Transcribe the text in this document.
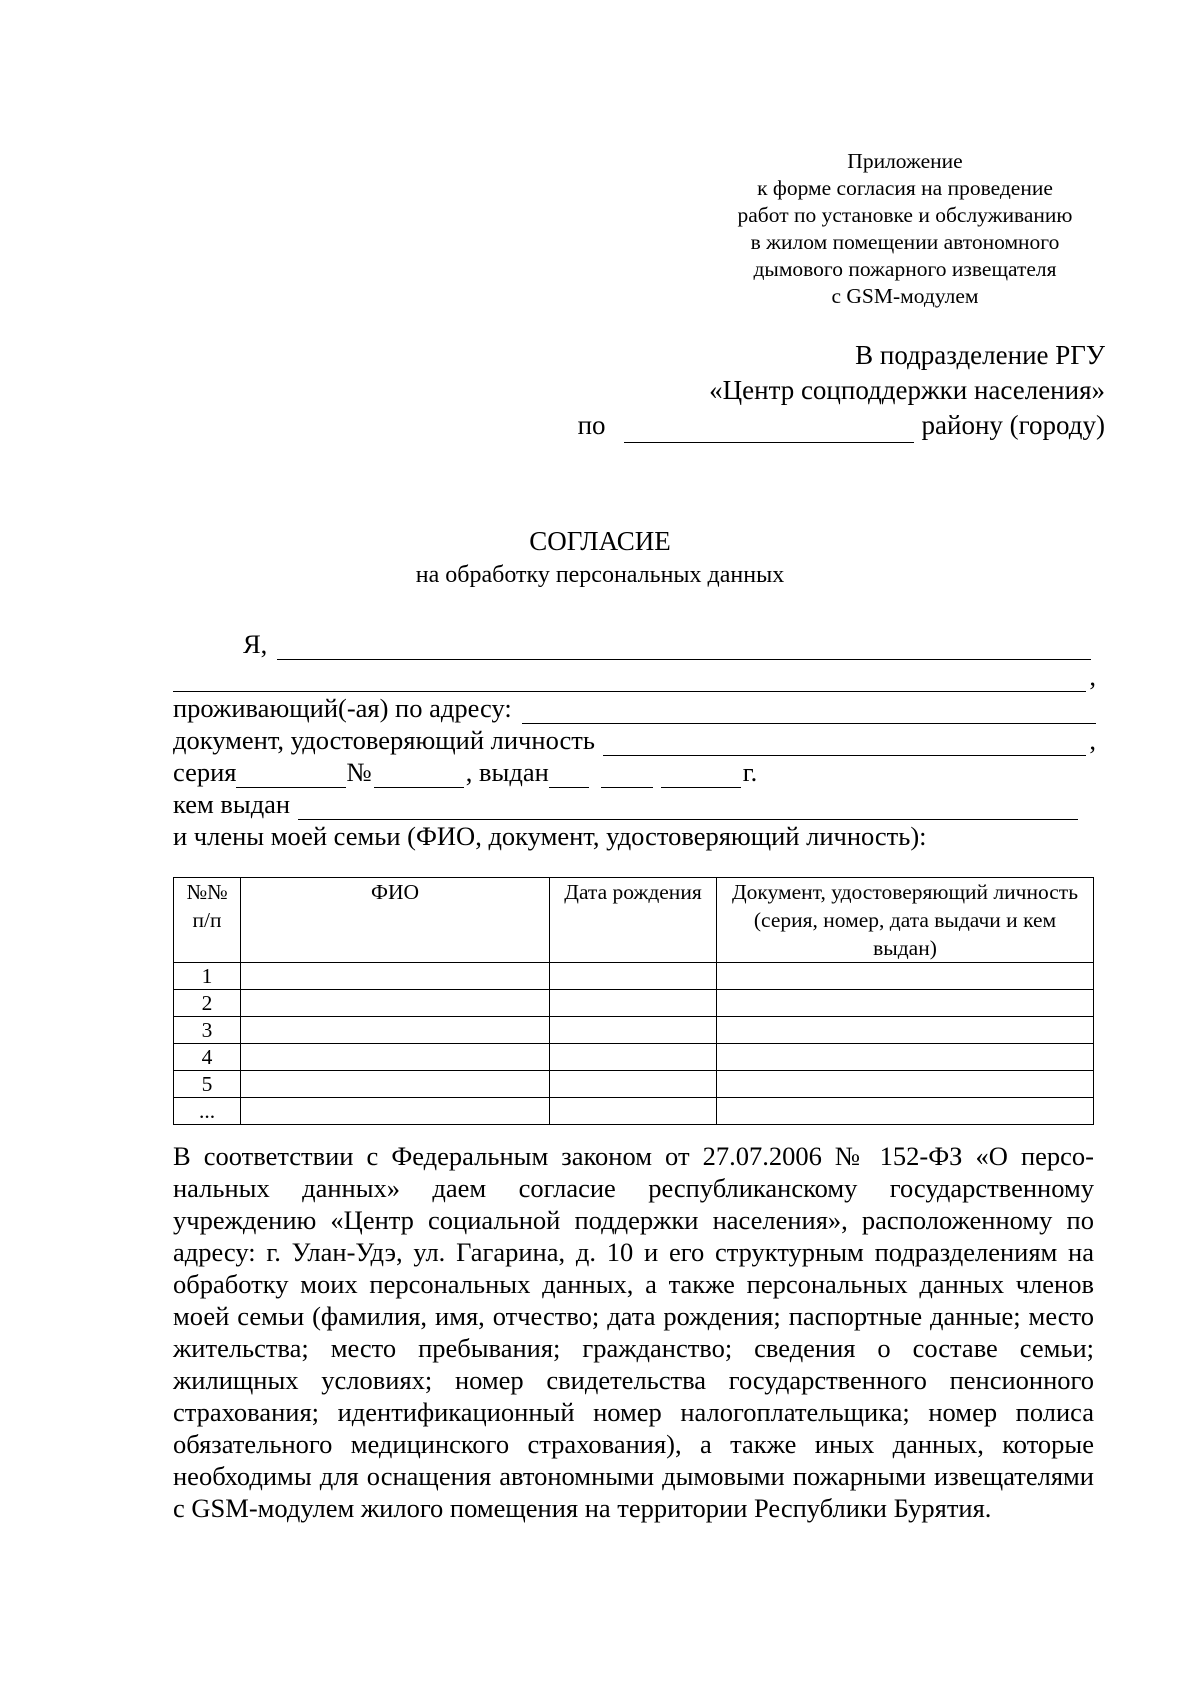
Приложение
к форме согласия на проведение
работ по установке и обслуживанию
в жилом помещении автономного
дымового пожарного извещателя
с GSM-модулем
В подразделение РГУ
«Центр соцподдержки населения»
по	району (городу)
СОГЛАСИЕ
на обработку персональных данных
Я,
,
проживающий(-ая) по адресу:
документ, удостоверяющий личность	,
серия	№	, выдан	г.
кем выдан
и члены моей семьи (ФИО, документ, удостоверяющий личность):
№№ п/п	ФИО	Дата рождения	Документ, удостоверяющий личность (серия, номер, дата выдачи и кем выдан)
1			
2			
3			
4			
5			
...			
В соответствии с Федеральным законом от 27.07.2006 № 152-ФЗ «О персональных данных» даем согласие республиканскому государственному учреждению «Центр социальной поддержки населения», расположенному по адресу: г. Улан-Удэ, ул. Гагарина, д. 10 и его структурным подразделениям на обработку моих персональных данных, а также персональных данных членов моей семьи (фамилия, имя, отчество; дата рождения; паспортные данные; место жительства; место пребывания; гражданство; сведения о составе семьи; жилищных условиях; номер свидетельства государственного пенсионного страхования; идентификационный номер налогоплательщика; номер полиса обязательного медицинского страхования), а также иных данных, которые необходимы для оснащения автономными дымовыми пожарными извещателями с GSM-модулем жилого помещения на территории Республики Бурятия.
